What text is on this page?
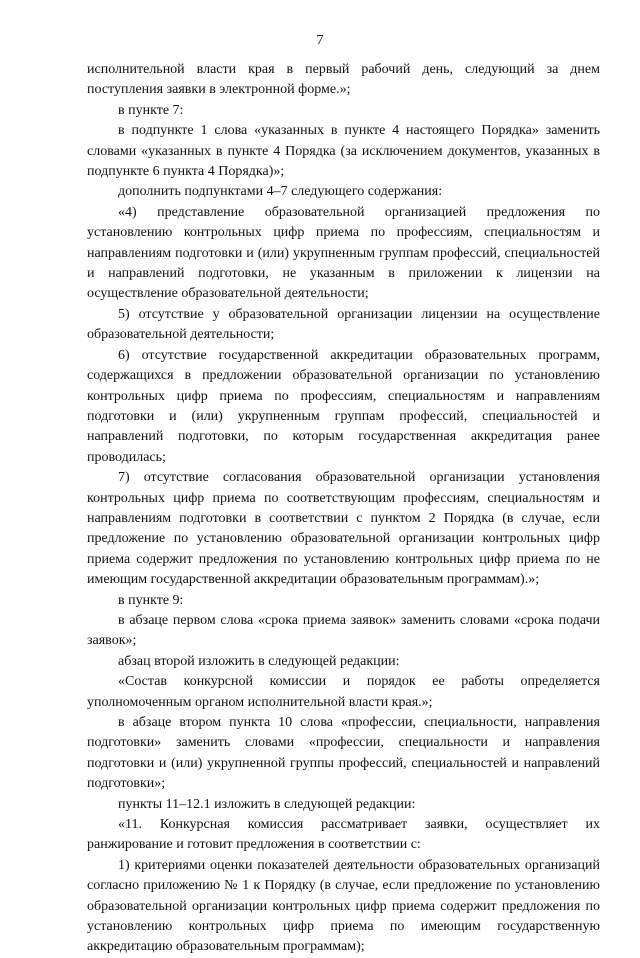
7

исполнительной власти края в первый рабочий день, следующий за днем поступления заявки в электронной форме.»;

в пункте 7:

в подпункте 1 слова «указанных в пункте 4 настоящего Порядка» заменить словами «указанных в пункте 4 Порядка (за исключением документов, указанных в подпункте 6 пункта 4 Порядка)»;

дополнить подпунктами 4–7 следующего содержания:

«4) представление образовательной организацией предложения по установлению контрольных цифр приема по профессиям, специальностям и направлениям подготовки и (или) укрупненным группам профессий, специальностей и направлений подготовки, не указанным в приложении к лицензии на осуществление образовательной деятельности;

5) отсутствие у образовательной организации лицензии на осуществление образовательной деятельности;

6) отсутствие государственной аккредитации образовательных программ, содержащихся в предложении образовательной организации по установлению контрольных цифр приема по профессиям, специальностям и направлениям подготовки и (или) укрупненным группам профессий, специальностей и направлений подготовки, по которым государственная аккредитация ранее проводилась;

7) отсутствие согласования образовательной организации установления контрольных цифр приема по соответствующим профессиям, специальностям и направлениям подготовки в соответствии с пунктом 2 Порядка (в случае, если предложение по установлению образовательной организации контрольных цифр приема содержит предложения по установлению контрольных цифр приема по не имеющим государственной аккредитации образовательным программам).»;

в пункте 9:

в абзаце первом слова «срока приема заявок» заменить словами «срока подачи заявок»;

абзац второй изложить в следующей редакции:

«Состав конкурсной комиссии и порядок ее работы определяется уполномоченным органом исполнительной власти края.»;

в абзаце втором пункта 10 слова «профессии, специальности, направления подготовки» заменить словами «профессии, специальности и направления подготовки и (или) укрупненной группы профессий, специальностей и направлений подготовки»;

пункты 11–12.1 изложить в следующей редакции:

«11. Конкурсная комиссия рассматривает заявки, осуществляет их ранжирование и готовит предложения в соответствии с:

1) критериями оценки показателей деятельности образовательных организаций согласно приложению № 1 к Порядку (в случае, если предложение по установлению образовательной организации контрольных цифр приема содержит предложения по установлению контрольных цифр приема по имеющим государственную аккредитацию образовательным программам);
